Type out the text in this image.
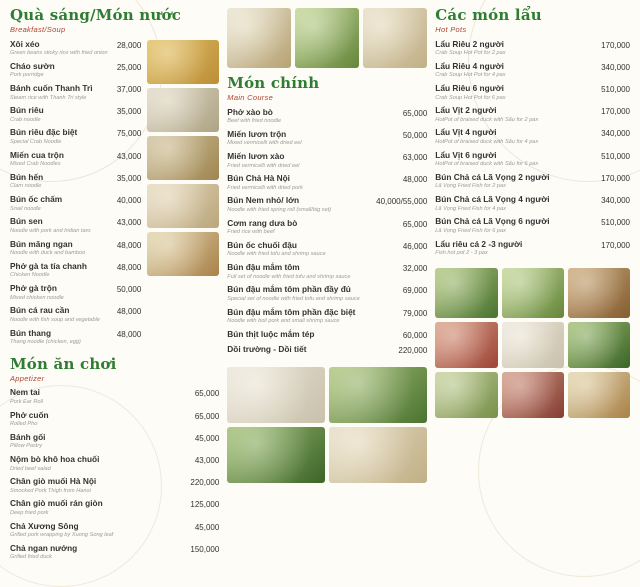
Quà sáng/Món nước
Breakfast/Soup
Xôi xéo
Green beans sticky rice with fried onion
28,000
Cháo sườn
Pork porridge
25,000
Bánh cuốn Thanh Trì
Steam rice with Thanh Tri style
37,000
Bún riêu
Crab noodle
35,000
Bún riêu đặc biệt
Special Crab Noodle
75,000
Miến cua trộn
Mixed Crab Noodles
43,000
Bún hến
Clam noodle
35,000
Bún ốc chấm
Snail noodle
40,000
Bún sen
Noodle with pork and Indian taro
43,000
Bún măng ngan
Noodle with duck and bamboo
48,000
Phở gà ta tía chanh
Chicken Noodle
48,000
Phở gà trộn
Mixed chicken noodle
50,000
Bún cá rau cần
Noodle with fish soup and vegetable
48,000
Bún thang
Thang noodle (chicken, egg)
48,000
Món ăn chơi
Appetizer
Nem tai
Pork Ear Roll
65,000
Phở cuốn
Rolled Pho
65,000
Bánh gối
Pillow Pastry
45,000
Nộm bò khô hoa chuối
Dried beef salad
43,000
Chân giò muối Hà Nội
Smocked Pork Thigh from Hanoi
220,000
Chân giò muối rán giòn
Deep fried pork
125,000
Chả Xương Sông
Grilled pork wrapping by Xuong Song leaf
45,000
Chả ngan nướng
Grilled fried duck
150,000
Món chính
Main Course
Phở xào bò
Beef with fried noodle
65,000
Miến lươn trộn
Mixed vermicelli with dried eel
50,000
Miến lươn xào
Fried vermicelli with dried eel
63,000
Bún Chả Hà Nội
Fried vermicelli with dried pork
48,000
Bún Nem nhỏ/ lớn
Noodle with fried spring roll (small/big set)
40,000/55,000
Cơm rang dưa bò
Fried rice with beef
65,000
Bún ốc chuối đậu
Noodle with fried tofu and shrimp sauce
46,000
Bún đậu mắm tôm
Full set of noodle with fried tofu and shrimp sauce
32,000
Bún đậu mắm tôm phần đầy đủ
Special set of noodle with fried tofu and shrimp sauce
69,000
Bún đậu mắm tôm phần đặc biệt
Noodle with boil pork and small shrimp sauce
79,000
Bún thịt luộc mắm tép	60,000
Dồi trường - Dồi tiết	220,000
Các món lẩu
Hot Pots
Lẩu Riêu 2 người
Crab Soup Hot Pot for 2 pax
170,000
Lẩu Riêu 4 người
Crab Soup Hot Pot for 4 pax
340,000
Lẩu Riêu 6 người
Crab Soup Hot Pot for 6 pax
510,000
Lẩu Vịt 2 người
HotPot of braised duck with Sấu for 2 pax
170,000
Lẩu Vịt 4 người
HotPot of braised duck with Sấu for 4 pax
340,000
Lẩu Vịt 6 người
HotPot of braised duck with Sấu for 6 pax
510,000
Bún Chả cá Lã Vọng 2 người
Lã Vọng Fried Fish for 2 pax
170,000
Bún Chả cá Lã Vọng 4 người
Lã Vọng Fried Fish for 4 pax
340,000
Bún Chả cá Lã Vọng 6 người
Lã Vọng Fried Fish for 6 pax
510,000
Lẩu riêu cá 2 -3 người
Fish hot pot 2 - 3 pax
170,000
